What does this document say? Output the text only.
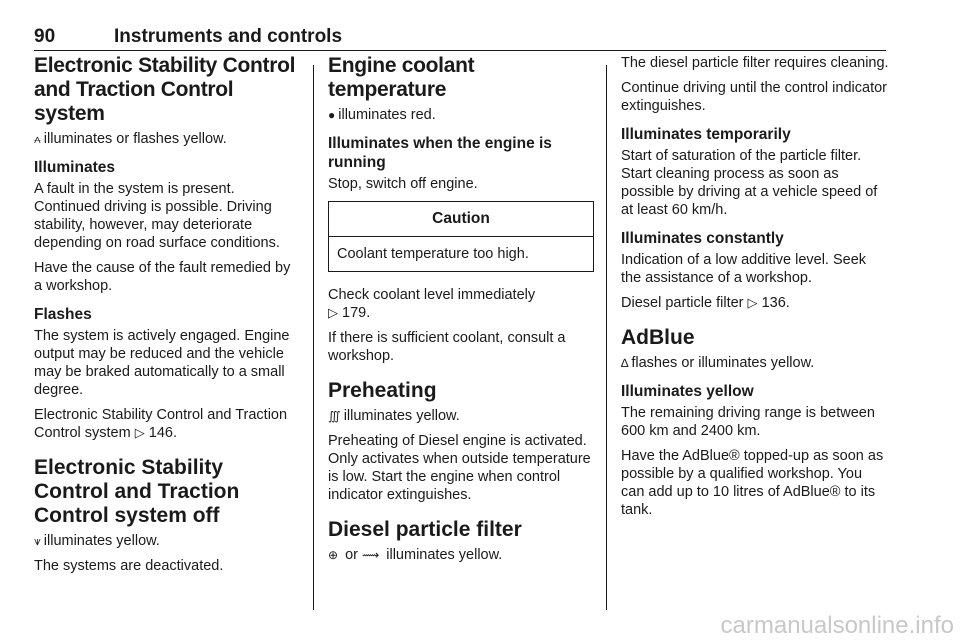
90	Instruments and controls
Electronic Stability Control and Traction Control system

⩜ illuminates or flashes yellow.

Illuminates

A fault in the system is present. Continued driving is possible. Driving stability, however, may deteriorate depending on road surface conditions.

Have the cause of the fault remedied by a workshop.

Flashes

The system is actively engaged. Engine output may be reduced and the vehicle may be braked automatically to a small degree.

Electronic Stability Control and Traction Control system ▷ 146.

Electronic Stability Control and Traction Control system off

⩛ illuminates yellow.

The systems are deactivated.

Engine coolant temperature

● illuminates red.

Illuminates when the engine is running

Stop, switch off engine.

Caution
Coolant temperature too high.

Check coolant level immediately
▷ 179.

If there is sufficient coolant, consult a workshop.

Preheating

∭ illuminates yellow.

Preheating of Diesel engine is activated. Only activates when outside temperature is low. Start the engine when control indicator extinguishes.

Diesel particle filter

⊕ or ⟿ illuminates yellow.

The diesel particle filter requires cleaning.

Continue driving until the control indicator extinguishes.

Illuminates temporarily

Start of saturation of the particle filter. Start cleaning process as soon as possible by driving at a vehicle speed of at least 60 km/h.

Illuminates constantly

Indication of a low additive level. Seek the assistance of a workshop.

Diesel particle filter ▷ 136.

AdBlue

∆ flashes or illuminates yellow.

Illuminates yellow

The remaining driving range is between 600 km and 2400 km.

Have the AdBlue® topped-up as soon as possible by a qualified workshop. You can add up to 10 litres of AdBlue® to its tank.

carmanualsonline.info
